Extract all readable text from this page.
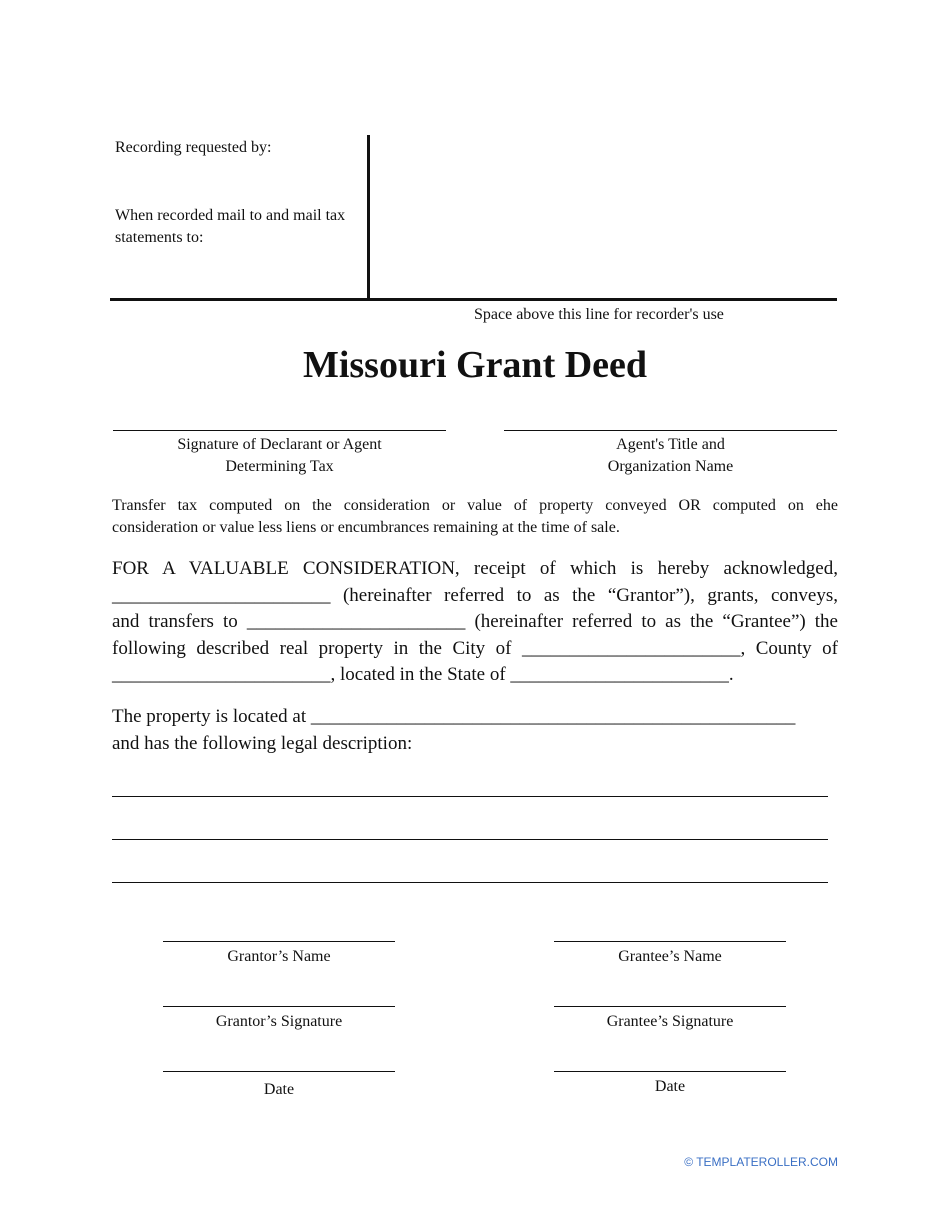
Recording requested by:
When recorded mail to and mail tax
statements to:
Space above this line for recorder's use
Missouri Grant Deed
Signature of Declarant or Agent
Determining Tax
Agent's Title and
Organization Name
Transfer tax computed on the consideration or value of property conveyed OR computed on ehe
consideration or value less liens or encumbrances remaining at the time of sale.
FOR A VALUABLE CONSIDERATION, receipt of which is hereby acknowledged,
_______________________ (hereinafter referred to as the “Grantor”), grants, conveys,
and transfers to _______________________ (hereinafter referred to as the “Grantee”) the
following described real property in the City of _______________________, County of
_______________________, located in the State of _______________________.
The property is located at ___________________________________________________
and has the following legal description:
Grantor’s Name	Grantee’s Name
Grantor’s Signature	Grantee’s Signature
Date	Date
© TEMPLATEROLLER.COM
